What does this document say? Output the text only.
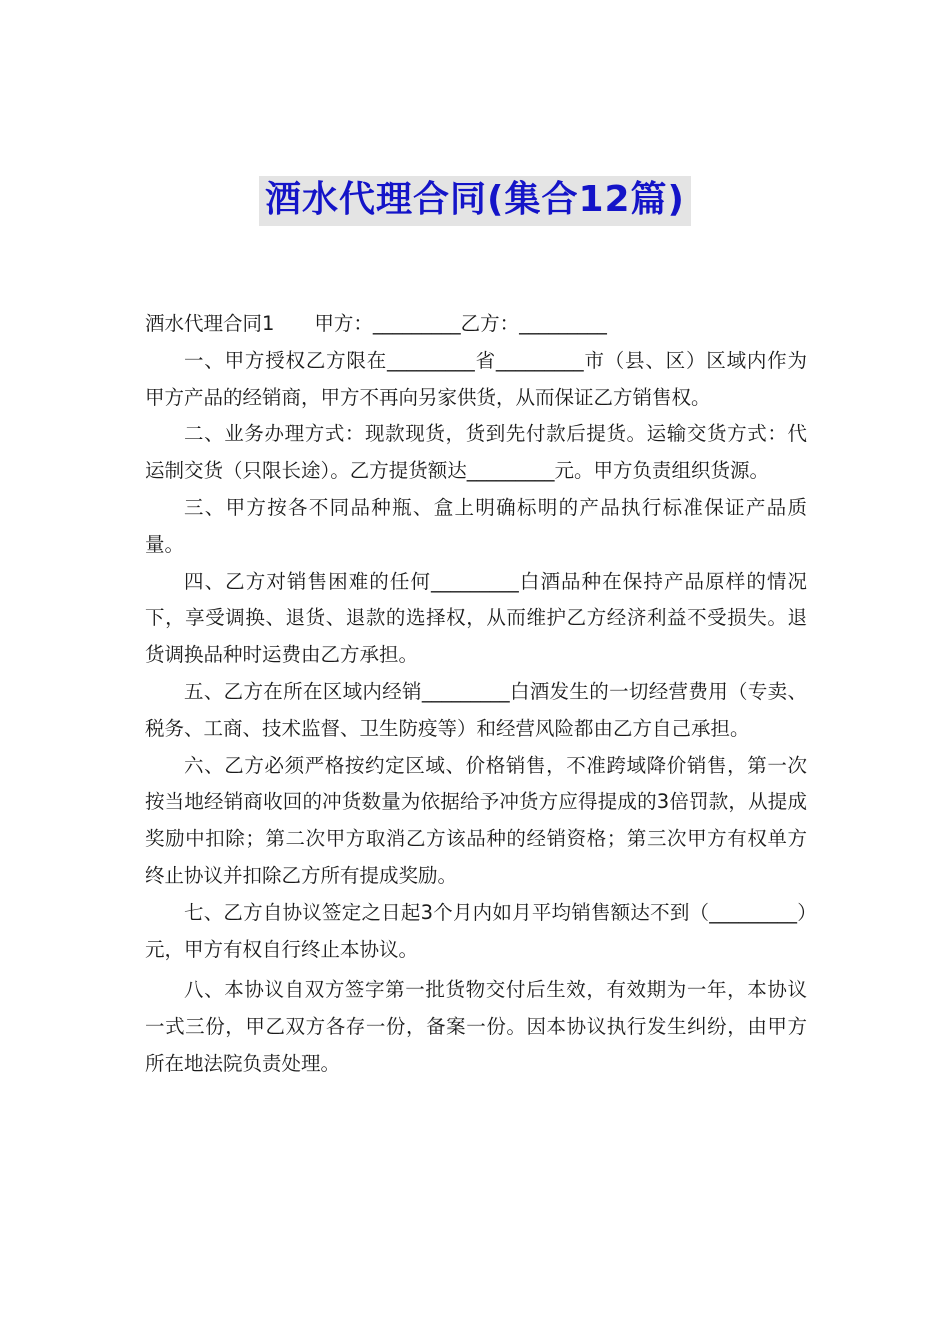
酒水代理合同(集合12篇)

酒水代理合同1 甲方：_________乙方：_________

一、甲方授权乙方限在_________省_________市（县、区）区域内作为甲方产品的经销商，甲方不再向另家供货，从而保证乙方销售权。

二、业务办理方式：现款现货，货到先付款后提货。运输交货方式：代运制交货（只限长途）。乙方提货额达_________元。甲方负责组织货源。

三、甲方按各不同品种瓶、盒上明确标明的产品执行标准保证产品质量。

四、乙方对销售困难的任何_________白酒品种在保持产品原样的情况下，享受调换、退货、退款的选择权，从而维护乙方经济利益不受损失。退货调换品种时运费由乙方承担。

五、乙方在所在区域内经销_________白酒发生的一切经营费用（专卖、税务、工商、技术监督、卫生防疫等）和经营风险都由乙方自己承担。

六、乙方必须严格按约定区域、价格销售，不准跨域降价销售，第一次按当地经销商收回的冲货数量为依据给予冲货方应得提成的3倍罚款，从提成奖励中扣除；第二次甲方取消乙方该品种的经销资格；第三次甲方有权单方终止协议并扣除乙方所有提成奖励。

七、乙方自协议签定之日起3个月内如月平均销售额达不到（_________）元，甲方有权自行终止本协议。

八、本协议自双方签字第一批货物交付后生效，有效期为一年，本协议一式三份，甲乙双方各存一份，备案一份。因本协议执行发生纠纷，由甲方所在地法院负责处理。
